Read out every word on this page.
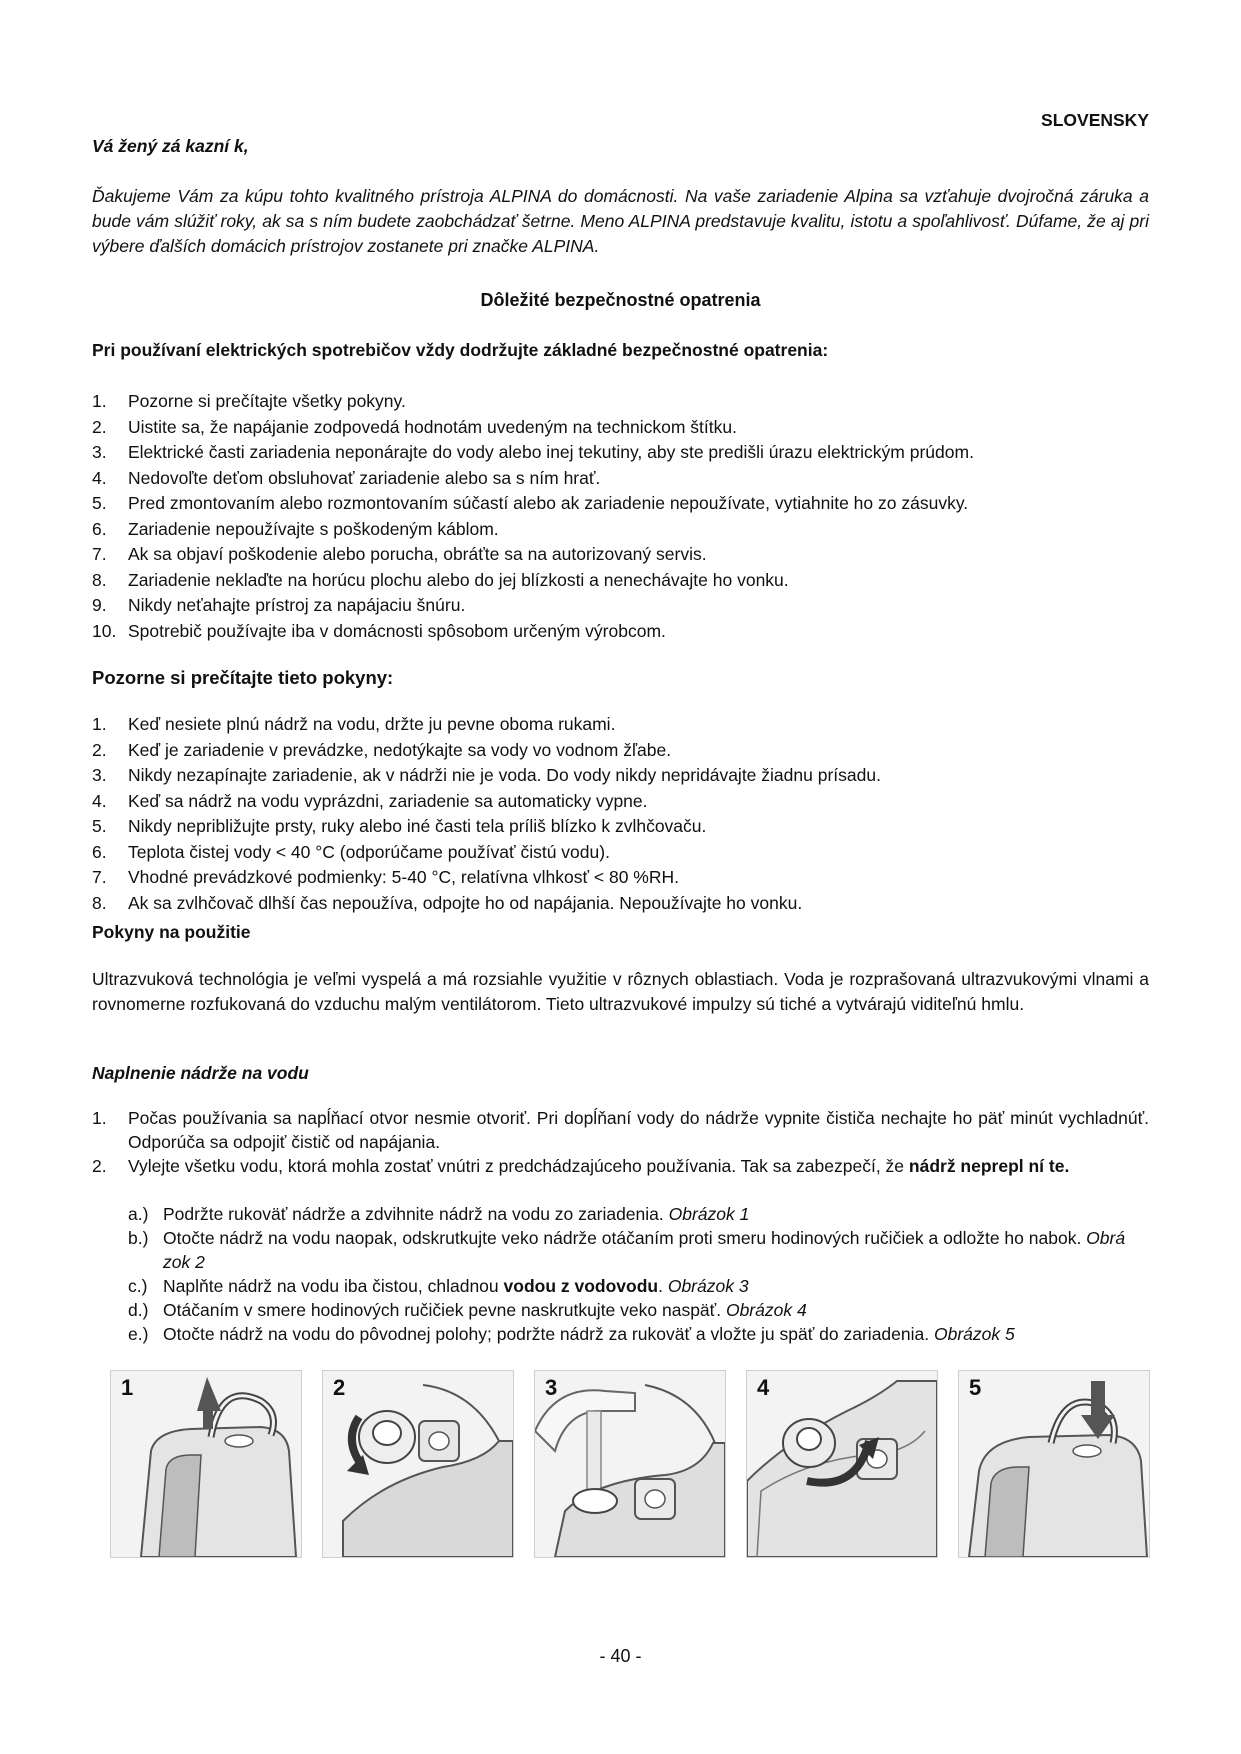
SLOVENSKY
Vá žený zá kazní k,
Ďakujeme Vám za kúpu tohto kvalitného prístroja ALPINA do domácnosti. Na vaše zariadenie Alpina sa vzťahuje dvojročná záruka a bude vám slúžiť roky, ak sa s ním budete zaobchádzať šetrne. Meno ALPINA predstavuje kvalitu, istotu a spoľahlivosť. Dúfame, že aj pri výbere ďalších domácich prístrojov zostanete pri značke ALPINA.
Dôležité bezpečnostné opatrenia
Pri používaní elektrických spotrebičov vždy dodržujte základné bezpečnostné opatrenia:
1. Pozorne si prečítajte všetky pokyny.
2. Uistite sa, že napájanie zodpovedá hodnotám uvedeným na technickom štítku.
3. Elektrické časti zariadenia neponárajte do vody alebo inej tekutiny, aby ste predišli úrazu elektrickým prúdom.
4. Nedovoľte deťom obsluhovať zariadenie alebo sa s ním hrať.
5. Pred zmontovaním alebo rozmontovaním súčastí alebo ak zariadenie nepoužívate, vytiahnite ho zo zásuvky.
6. Zariadenie nepoužívajte s poškodeným káblom.
7. Ak sa objaví poškodenie alebo porucha, obráťte sa na autorizovaný servis.
8. Zariadenie neklaďte na horúcu plochu alebo do jej blízkosti a nenechávajte ho vonku.
9. Nikdy neťahajte prístroj za napájaciu šnúru.
10. Spotrebič používajte iba v domácnosti spôsobom určeným výrobcom.
Pozorne si prečítajte tieto pokyny:
1. Keď nesiete plnú nádrž na vodu, držte ju pevne oboma rukami.
2. Keď je zariadenie v prevádzke, nedotýkajte sa vody vo vodnom žľabe.
3. Nikdy nezapínajte zariadenie, ak v nádrži nie je voda. Do vody nikdy nepridávajte žiadnu prísadu.
4. Keď sa nádrž na vodu vyprázdni, zariadenie sa automaticky vypne.
5. Nikdy nepribližujte prsty, ruky alebo iné časti tela príliš blízko k zvlhčovaču.
6. Teplota čistej vody < 40 °C (odporúčame používať čistú vodu).
7. Vhodné prevádzkové podmienky: 5-40 °C, relatívna vlhkosť < 80 %RH.
8. Ak sa zvlhčovač dlhší čas nepoužíva, odpojte ho od napájania. Nepoužívajte ho vonku.
Pokyny na použitie
Ultrazvuková technológia je veľmi vyspelá a má rozsiahle využitie v rôznych oblastiach. Voda je rozprašovaná ultrazvukovými vlnami a rovnomerne rozfukovaná do vzduchu malým ventilátorom. Tieto ultrazvukové impulzy sú tiché a vytvárajú viditeľnú hmlu.
Naplnenie nádrže na vodu
1. Počas používania sa napĺňací otvor nesmie otvoriť. Pri dopĺňaní vody do nádrže vypnite čističa nechajte ho päť minút vychladnúť. Odporúča sa odpojiť čistič od napájania.
2. Vylejte všetku vodu, ktorá mohla zostať vnútri z predchádzajúceho používania. Tak sa zabezpečí, že nádrž neprepl ní te.
a.) Podržte rukoväť nádrže a zdvihnite nádrž na vodu zo zariadenia. Obrázok 1
b.) Otočte nádrž na vodu naopak, odskrutkujte veko nádrže otáčaním proti smeru hodinových ručičiek a odložte ho nabok. Obrá zok 2
c.) Naplňte nádrž na vodu iba čistou, chladnou vodou z vodovodu. Obrázok 3
d.) Otáčaním v smere hodinových ručičiek pevne naskrutkujte veko naspäť. Obrázok 4
e.) Otočte nádrž na vodu do pôvodnej polohy; podržte nádrž za rukoväť a vložte ju späť do zariadenia. Obrázok 5
1	2	3	4	5
- 40 -
